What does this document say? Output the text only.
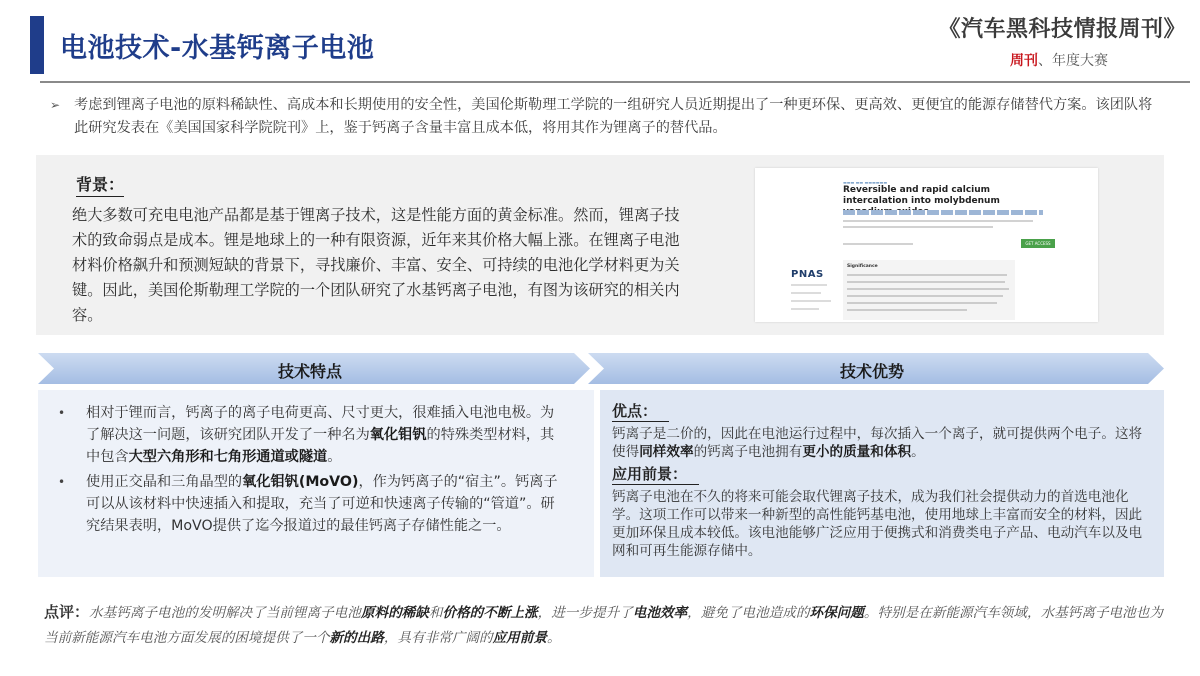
电池技术-水基钙离子电池
《汽车黑科技情报周刊》
周刊、年度大赛
➢ 考虑到锂离子电池的原料稀缺性、高成本和长期使用的安全性，美国伦斯勒理工学院的一组研究人员近期提出了一种更环保、更高效、更便宜的能源存储替代方案。该团队将此研究发表在《美国国家科学院院刊》上，鉴于钙离子含量丰富且成本低，将用其作为锂离子的替代品。
背景：
绝大多数可充电电池产品都是基于锂离子技术，这是性能方面的黄金标准。然而，锂离子技术的致命弱点是成本。锂是地球上的一种有限资源，近年来其价格大幅上涨。在锂离子电池材料价格飙升和预测短缺的背景下，寻找廉价、丰富、安全、可持续的电池化学材料更为关键。因此，美国伦斯勒理工学院的一个团队研究了水基钙离子电池，有图为该研究的相关内容。
▬▬▬ ▬▬ ▬▬▬▬▬▬
Reversible and rapid calcium intercalation into molybdenum
GET ACCESS
PNAS
Significance
技术特点	技术优势
• 相对于锂而言，钙离子的离子电荷更高、尺寸更大，很难插入电池电极。为了解决这一问题，该研究团队开发了一种名为氧化钼钒的特殊类型材料，其中包含大型六角形和七角形通道或隧道。
• 使用正交晶和三角晶型的氧化钼钒(MoVO)，作为钙离子的“宿主”。钙离子可以从该材料中快速插入和提取，充当了可逆和快速离子传输的“管道”。研究结果表明，MoVO提供了迄今报道过的最佳钙离子存储性能之一。
优点：
钙离子是二价的，因此在电池运行过程中，每次插入一个离子，就可提供两个电子。这将使得同样效率的钙离子电池拥有更小的质量和体积。
应用前景：
钙离子电池在不久的将来可能会取代锂离子技术，成为我们社会提供动力的首选电池化学。这项工作可以带来一种新型的高性能钙基电池，使用地球上丰富而安全的材料，因此更加环保且成本较低。该电池能够广泛应用于便携式和消费类电子产品、电动汽车以及电网和可再生能源存储中。
点评：水基钙离子电池的发明解决了当前锂离子电池原料的稀缺和价格的不断上涨，进一步提升了电池效率，避免了电池造成的环保问题。特别是在新能源汽车领域，水基钙离子电池也为当前新能源汽车电池方面发展的困境提供了一个新的出路，具有非常广阔的应用前景。
